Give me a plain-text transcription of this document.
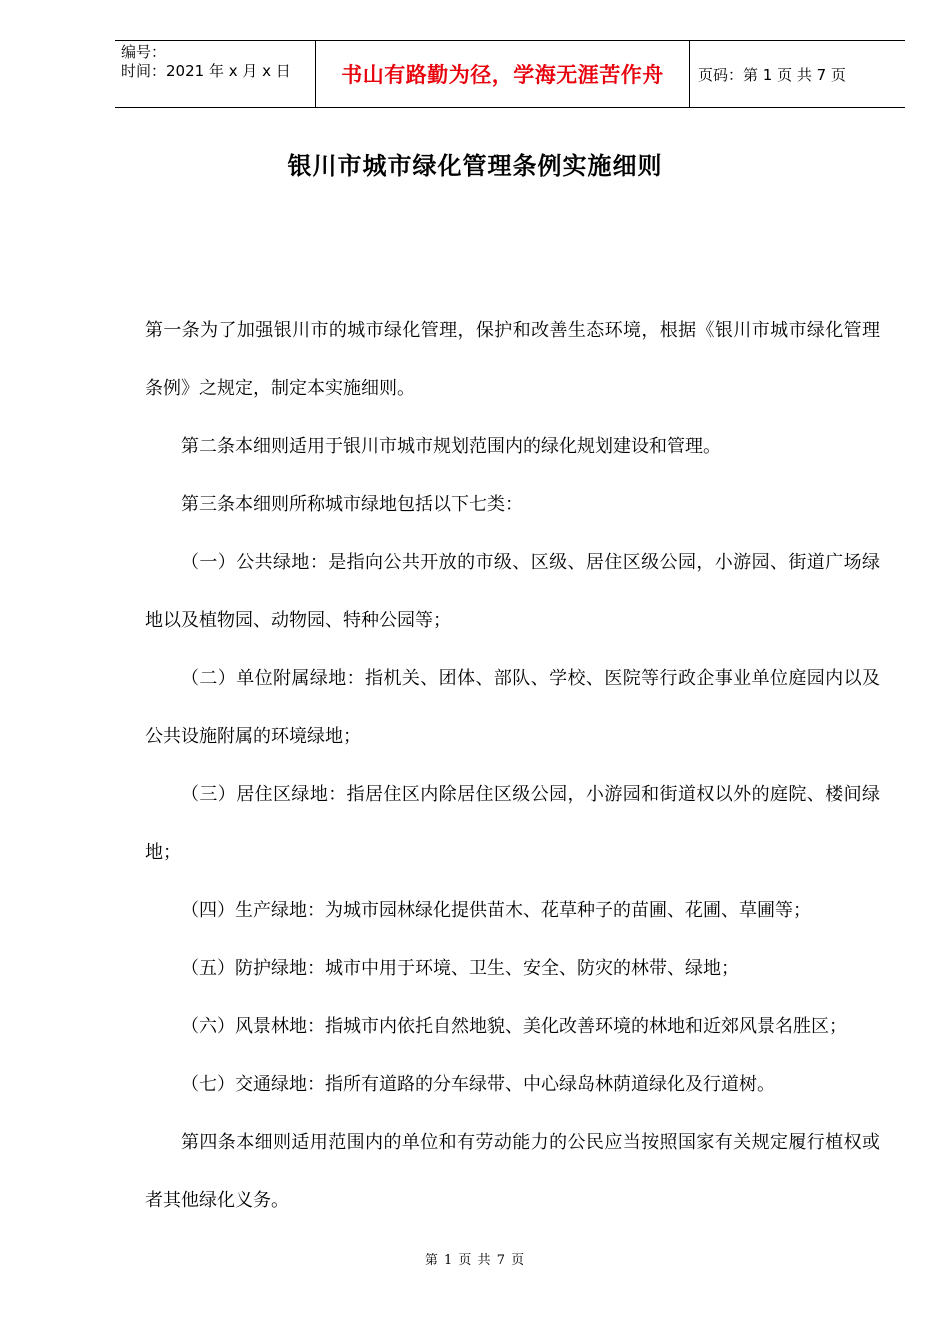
编号：
时间：2021 年 x 月 x 日	书山有路勤为径，学海无涯苦作舟	页码：第 1 页 共 7 页
银川市城市绿化管理条例实施细则

第一条为了加强银川市的城市绿化管理，保护和改善生态环境，根据《银川市城市绿化管理条例》之规定，制定本实施细则。

第二条本细则适用于银川市城市规划范围内的绿化规划建设和管理。

第三条本细则所称城市绿地包括以下七类：

（一）公共绿地：是指向公共开放的市级、区级、居住区级公园，小游园、街道广场绿地以及植物园、动物园、特种公园等；

（二）单位附属绿地：指机关、团体、部队、学校、医院等行政企事业单位庭园内以及公共设施附属的环境绿地；

（三）居住区绿地：指居住区内除居住区级公园，小游园和街道权以外的庭院、楼间绿地；

（四）生产绿地：为城市园林绿化提供苗木、花草种子的苗圃、花圃、草圃等；

（五）防护绿地：城市中用于环境、卫生、安全、防灾的林带、绿地；

（六）风景林地：指城市内依托自然地貌、美化改善环境的林地和近郊风景名胜区；

（七）交通绿地：指所有道路的分车绿带、中心绿岛林荫道绿化及行道树。

第四条本细则适用范围内的单位和有劳动能力的公民应当按照国家有关规定履行植权或者其他绿化义务。

第 1 页 共 7 页
